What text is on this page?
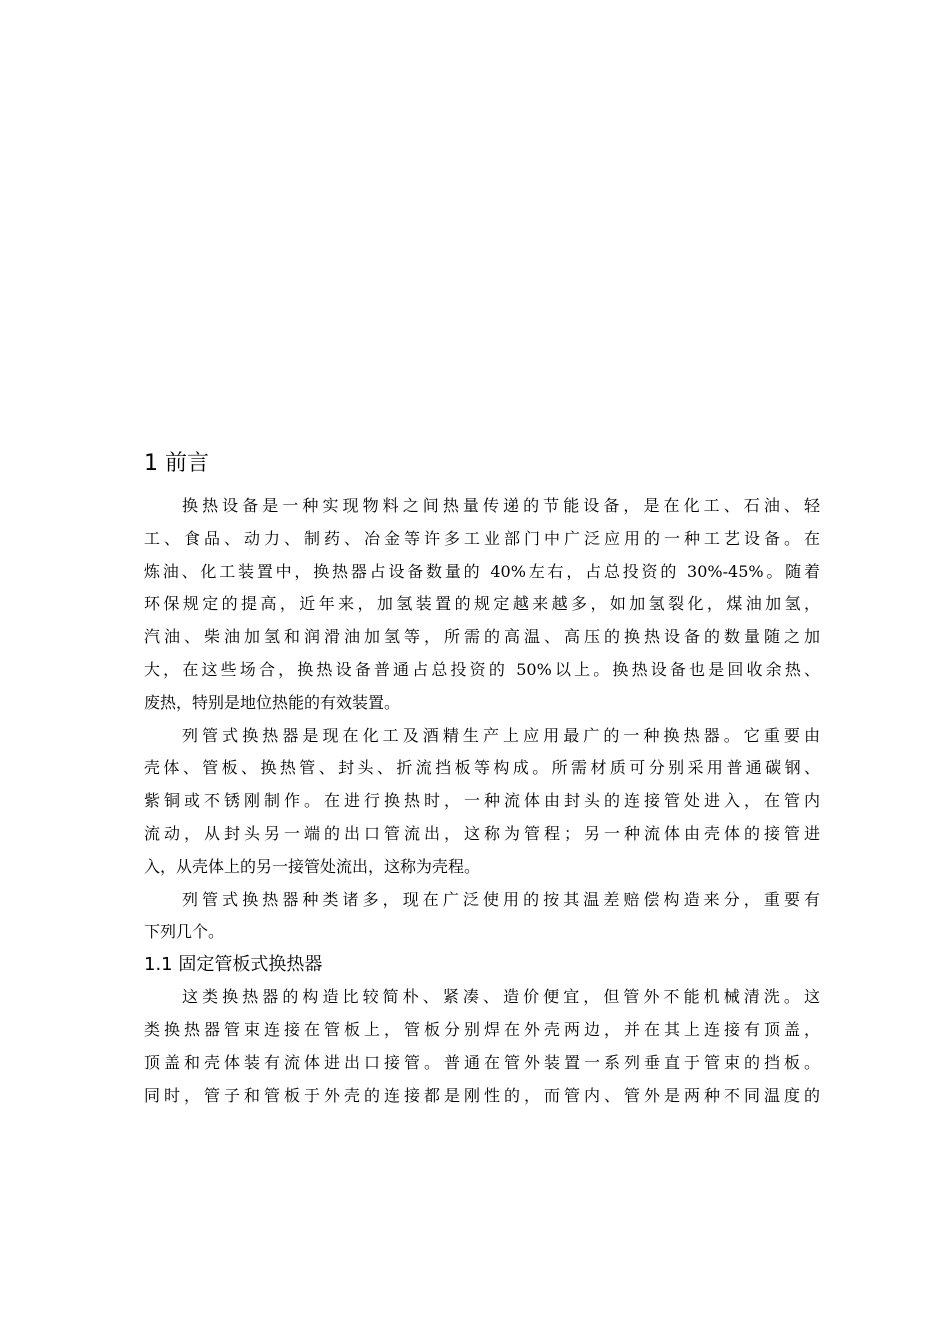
1 前言
换热设备是一种实现物料之间热量传递的节能设备，是在化工、石油、轻
工、食品、动力、制药、冶金等许多工业部门中广泛应用的一种工艺设备。在
炼油、化工装置中，换热器占设备数量的 40%左右，占总投资的 30%-45%。随着
环保规定的提高，近年来，加氢装置的规定越来越多，如加氢裂化，煤油加氢，
汽油、柴油加氢和润滑油加氢等，所需的高温、高压的换热设备的数量随之加
大，在这些场合，换热设备普通占总投资的 50%以上。换热设备也是回收余热、
废热，特别是地位热能的有效装置。
列管式换热器是现在化工及酒精生产上应用最广的一种换热器。它重要由
壳体、管板、换热管、封头、折流挡板等构成。所需材质可分别采用普通碳钢、
紫铜或不锈刚制作。在进行换热时，一种流体由封头的连接管处进入，在管内
流动，从封头另一端的出口管流出，这称为管程；另一种流体由壳体的接管进
入，从壳体上的另一接管处流出，这称为壳程。
列管式换热器种类诸多，现在广泛使用的按其温差赔偿构造来分，重要有
下列几个。
1.1 固定管板式换热器
这类换热器的构造比较简朴、紧凑、造价便宜，但管外不能机械清洗。这
类换热器管束连接在管板上，管板分别焊在外壳两边，并在其上连接有顶盖，
顶盖和壳体装有流体进出口接管。普通在管外装置一系列垂直于管束的挡板。
同时，管子和管板于外壳的连接都是刚性的，而管内、管外是两种不同温度的
